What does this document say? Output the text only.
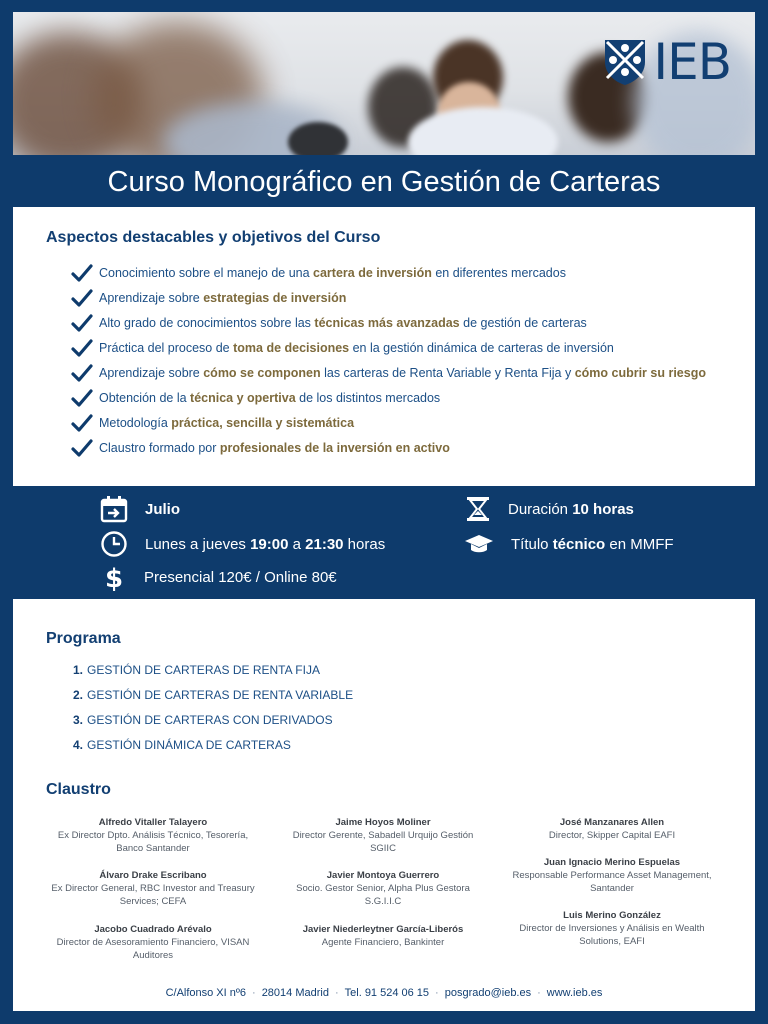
IEB
Curso Monográfico en Gestión de Carteras
Aspectos destacables y objetivos del Curso
Conocimiento sobre el manejo de una cartera de inversión en diferentes mercados
Aprendizaje sobre estrategias de inversión
Alto grado de conocimientos sobre las técnicas más avanzadas de gestión de carteras
Práctica del proceso de toma de decisiones en la gestión dinámica de carteras de inversión
Aprendizaje sobre cómo se componen las carteras de Renta Variable y Renta Fija y cómo cubrir su riesgo
Obtención de la técnica y opertiva de los distintos mercados
Metodología práctica, sencilla y sistemática
Claustro formado por profesionales de la inversión en activo
Julio
Lunes a jueves 19:00 a 21:30 horas
$ Presencial 120€ / Online 80€
Duración 10 horas
Título técnico en MMFF
Programa
1. GESTIÓN DE CARTERAS DE RENTA FIJA
2. GESTIÓN DE CARTERAS DE RENTA VARIABLE
3. GESTIÓN DE CARTERAS CON DERIVADOS
4. GESTIÓN DINÁMICA DE CARTERAS
Claustro
Alfredo Vitaller Talayero
Ex Director Dpto. Análisis Técnico, Tesorería, Banco Santander
Álvaro Drake Escribano
Ex Director General, RBC Investor and Treasury Services; CEFA
Jacobo Cuadrado Arévalo
Director de Asesoramiento Financiero, VISAN Auditores
Jaime Hoyos Moliner
Director Gerente, Sabadell Urquijo Gestión SGIIC
Javier Montoya Guerrero
Socio. Gestor Senior, Alpha Plus Gestora S.G.I.I.C
Javier Niederleytner García-Liberós
Agente Financiero, Bankinter
José Manzanares Allen
Director, Skipper Capital EAFI
Juan Ignacio Merino Espuelas
Responsable Performance Asset Management, Santander
Luis Merino González
Director de Inversiones y Análisis en Wealth Solutions, EAFI
C/Alfonso XI nº6 · 28014 Madrid · Tel. 91 524 06 15 · posgrado@ieb.es · www.ieb.es
